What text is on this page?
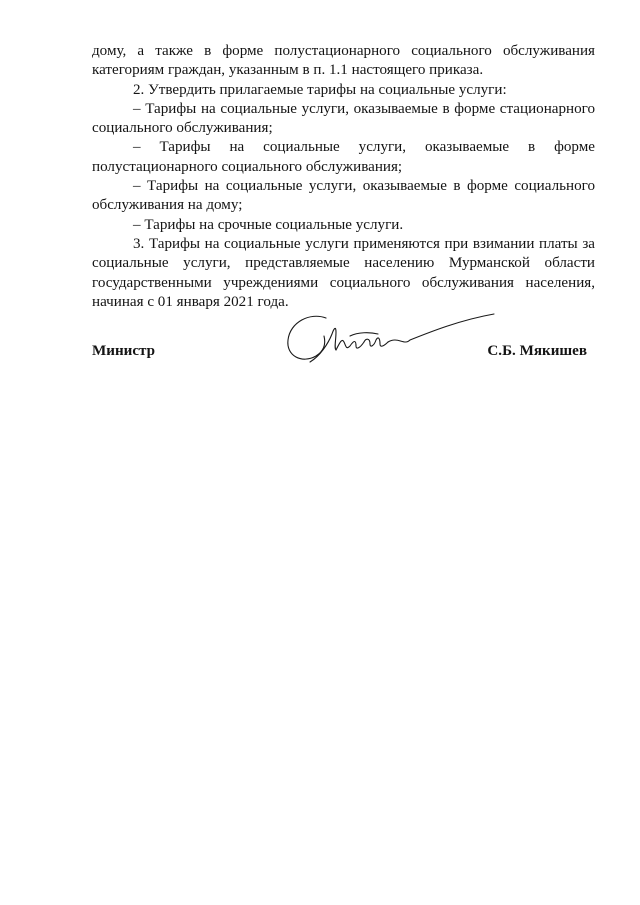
дому, а также в форме полустационарного социального обслуживания категориям граждан, указанным в п. 1.1 настоящего приказа.

2. Утвердить прилагаемые тарифы на социальные услуги:

– Тарифы на социальные услуги, оказываемые в форме стационарного социального обслуживания;

– Тарифы на социальные услуги, оказываемые в форме полустационарного социального обслуживания;

– Тарифы на социальные услуги, оказываемые в форме социального обслуживания на дому;

– Тарифы на срочные социальные услуги.

3. Тарифы на социальные услуги применяются при взимании платы за социальные услуги, представляемые населению Мурманской области государственными учреждениями социального обслуживания населения, начиная с 01 января 2021 года.

Министр	С.Б. Мякишев
